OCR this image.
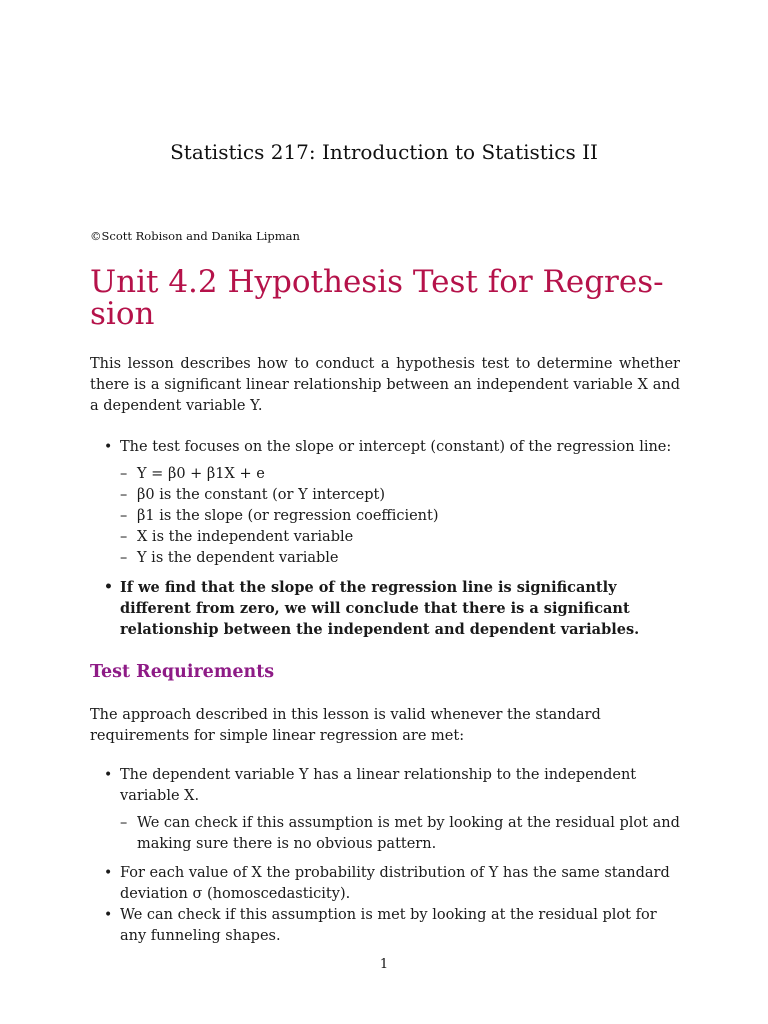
Statistics 217: Introduction to Statistics II
©Scott Robison and Danika Lipman
Unit 4.2 Hypothesis Test for Regres-
sion
This lesson describes how to conduct a hypothesis test to determine whether there is a significant linear relationship between an independent variable X and a dependent variable Y.
• The test focuses on the slope or intercept (constant) of the regression line:
– Y = β0 + β1X + e
– β0 is the constant (or Y intercept)
– β1 is the slope (or regression coefficient)
– X is the independent variable
– Y is the dependent variable
• If we find that the slope of the regression line is significantly different from zero, we will conclude that there is a significant relationship between the independent and dependent variables.
Test Requirements
The approach described in this lesson is valid whenever the standard requirements for simple linear regression are met:
• The dependent variable Y has a linear relationship to the independent variable X.
– We can check if this assumption is met by looking at the residual plot and making sure there is no obvious pattern.
• For each value of X the probability distribution of Y has the same standard deviation σ (homoscedasticity).
• We can check if this assumption is met by looking at the residual plot for any funneling shapes.
1
